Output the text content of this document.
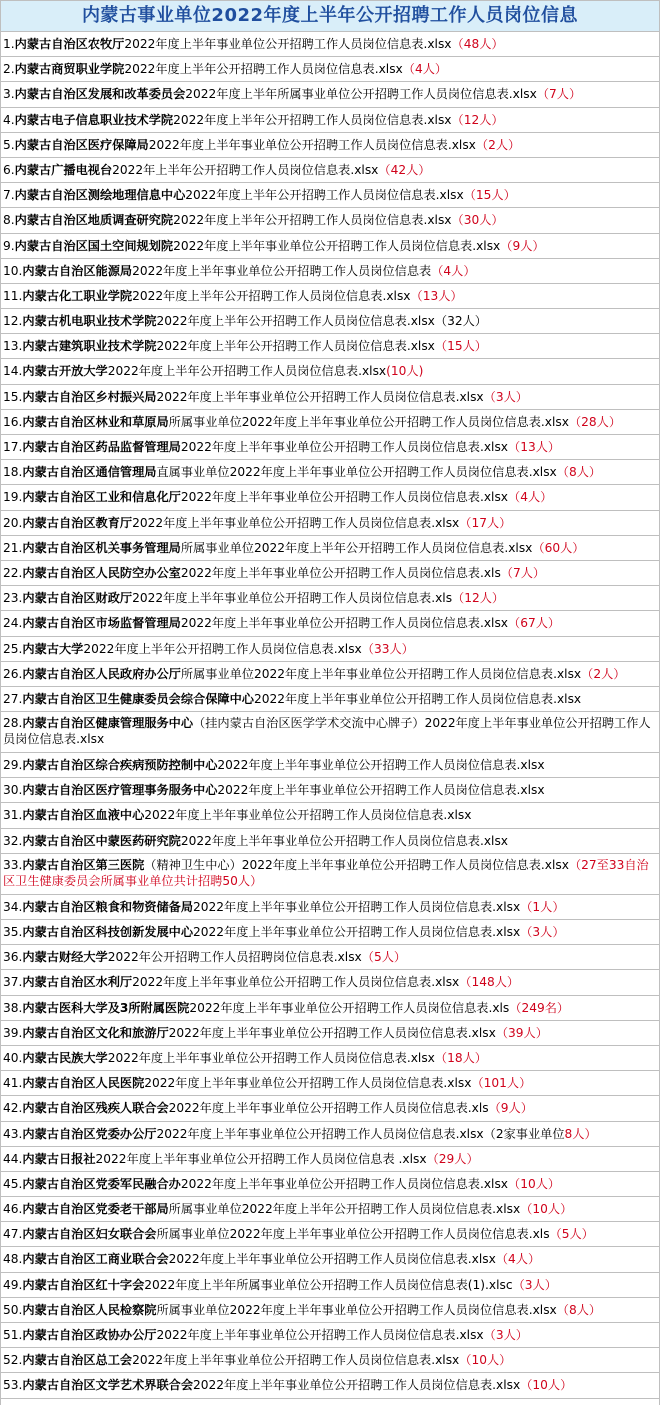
内蒙古事业单位2022年度上半年公开招聘工作人员岗位信息
1.内蒙古自治区农牧厅2022年度上半年事业单位公开招聘工作人员岗位信息表.xlsx（48人）
2.内蒙古商贸职业学院2022年度上半年公开招聘工作人员岗位信息表.xlsx（4人）
3.内蒙古自治区发展和改革委员会2022年度上半年所属事业单位公开招聘工作人员岗位信息表.xlsx（7人）
4.内蒙古电子信息职业技术学院2022年度上半年公开招聘工作人员岗位信息表.xlsx（12人）
5.内蒙古自治区医疗保障局2022年度上半年事业单位公开招聘工作人员岗位信息表.xlsx（2人）
6.内蒙古广播电视台2022年上半年公开招聘工作人员岗位信息表.xlsx（42人）
7.内蒙古自治区测绘地理信息中心2022年度上半年公开招聘工作人员岗位信息表.xlsx（15人）
8.内蒙古自治区地质调查研究院2022年度上半年公开招聘工作人员岗位信息表.xlsx（30人）
9.内蒙古自治区国土空间规划院2022年度上半年事业单位公开招聘工作人员岗位信息表.xlsx（9人）
10.内蒙古自治区能源局2022年度上半年事业单位公开招聘工作人员岗位信息表（4人）
11.内蒙古化工职业学院2022年度上半年公开招聘工作人员岗位信息表.xlsx（13人）
12.内蒙古机电职业技术学院2022年度上半年公开招聘工作人员岗位信息表.xlsx（32人）
13.内蒙古建筑职业技术学院2022年度上半年公开招聘工作人员岗位信息表.xlsx（15人）
14.内蒙古开放大学2022年度上半年公开招聘工作人员岗位信息表.xlsx(10人)
15.内蒙古自治区乡村振兴局2022年度上半年事业单位公开招聘工作人员岗位信息表.xlsx（3人）
16.内蒙古自治区林业和草原局所属事业单位2022年度上半年事业单位公开招聘工作人员岗位信息表.xlsx（28人）
17.内蒙古自治区药品监督管理局2022年度上半年事业单位公开招聘工作人员岗位信息表.xlsx（13人）
18.内蒙古自治区通信管理局直属事业单位2022年度上半年事业单位公开招聘工作人员岗位信息表.xlsx（8人）
19.内蒙古自治区工业和信息化厅2022年度上半年事业单位公开招聘工作人员岗位信息表.xlsx（4人）
20.内蒙古自治区教育厅2022年度上半年事业单位公开招聘工作人员岗位信息表.xlsx（17人）
21.内蒙古自治区机关事务管理局所属事业单位2022年度上半年公开招聘工作人员岗位信息表.xlsx（60人）
22.内蒙古自治区人民防空办公室2022年度上半年事业单位公开招聘工作人员岗位信息表.xls（7人）
23.内蒙古自治区财政厅2022年度上半年事业单位公开招聘工作人员岗位信息表.xls（12人）
24.内蒙古自治区市场监督管理局2022年度上半年事业单位公开招聘工作人员岗位信息表.xlsx（67人）
25.内蒙古大学2022年度上半年公开招聘工作人员岗位信息表.xlsx（33人）
26.内蒙古自治区人民政府办公厅所属事业单位2022年度上半年事业单位公开招聘工作人员岗位信息表.xlsx（2人）
27.内蒙古自治区卫生健康委员会综合保障中心2022年度上半年事业单位公开招聘工作人员岗位信息表.xlsx
28.内蒙古自治区健康管理服务中心（挂内蒙古自治区医学学术交流中心牌子）2022年度上半年事业单位公开招聘工作人员岗位信息表.xlsx
29.内蒙古自治区综合疾病预防控制中心2022年度上半年事业单位公开招聘工作人员岗位信息表.xlsx
30.内蒙古自治区医疗管理事务服务中心2022年度上半年事业单位公开招聘工作人员岗位信息表.xlsx
31.内蒙古自治区血液中心2022年度上半年事业单位公开招聘工作人员岗位信息表.xlsx
32.内蒙古自治区中蒙医药研究院2022年度上半年事业单位公开招聘工作人员岗位信息表.xlsx
33.内蒙古自治区第三医院（精神卫生中心）2022年度上半年事业单位公开招聘工作人员岗位信息表.xlsx（27至33自治区卫生健康委员会所属事业单位共计招聘50人）
34.内蒙古自治区粮食和物资储备局2022年度上半年事业单位公开招聘工作人员岗位信息表.xlsx（1人）
35.内蒙古自治区科技创新发展中心2022年度上半年事业单位公开招聘工作人员岗位信息表.xlsx（3人）
36.内蒙古财经大学2022年公开招聘工作人员招聘岗位信息表.xlsx（5人）
37.内蒙古自治区水利厅2022年度上半年事业单位公开招聘工作人员岗位信息表.xlsx（148人）
38.内蒙古医科大学及3所附属医院2022年度上半年事业单位公开招聘工作人员岗位信息表.xls（249名）
39.内蒙古自治区文化和旅游厅2022年度上半年事业单位公开招聘工作人员岗位信息表.xlsx（39人）
40.内蒙古民族大学2022年度上半年事业单位公开招聘工作人员岗位信息表.xlsx（18人）
41.内蒙古自治区人民医院2022年度上半年事业单位公开招聘工作人员岗位信息表.xlsx（101人）
42.内蒙古自治区残疾人联合会2022年度上半年事业单位公开招聘工作人员岗位信息表.xls（9人）
43.内蒙古自治区党委办公厅2022年度上半年事业单位公开招聘工作人员岗位信息表.xlsx（2家事业单位8人）
44.内蒙古日报社2022年度上半年事业单位公开招聘工作人员岗位信息表 .xlsx（29人）
45.内蒙古自治区党委军民融合办2022年度上半年事业单位公开招聘工作人员岗位信息表.xlsx（10人）
46.内蒙古自治区党委老干部局所属事业单位2022年度上半年公开招聘工作人员岗位信息表.xlsx（10人）
47.内蒙古自治区妇女联合会所属事业单位2022年度上半年事业单位公开招聘工作人员岗位信息表.xls（5人）
48.内蒙古自治区工商业联合会2022年度上半年事业单位公开招聘工作人员岗位信息表.xlsx（4人）
49.内蒙古自治区红十字会2022年度上半年所属事业单位公开招聘工作人员岗位信息表(1).xlsc（3人）
50.内蒙古自治区人民检察院所属事业单位2022年度上半年事业单位公开招聘工作人员岗位信息表.xlsx（8人）
51.内蒙古自治区政协办公厅2022年度上半年事业单位公开招聘工作人员岗位信息表.xlsx（3人）
52.内蒙古自治区总工会2022年度上半年事业单位公开招聘工作人员岗位信息表.xlsx（10人）
53.内蒙古自治区文学艺术界联合会2022年度上半年事业单位公开招聘工作人员岗位信息表.xlsx（10人）
